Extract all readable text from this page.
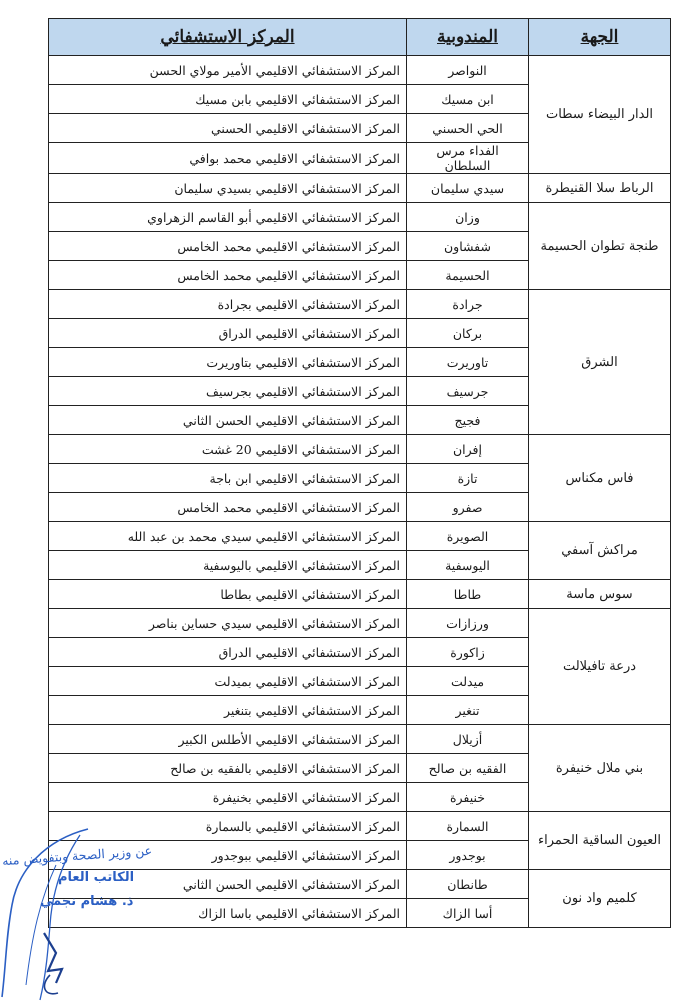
الجهة	المندوبية	المركز الاستشفائي
الدار البيضاء سطات	النواصر	المركز الاستشفائي الاقليمي الأمير مولاي الحسن
	ابن مسيك	المركز الاستشفائي الاقليمي بابن مسيك
	الحي الحسني	المركز الاستشفائي الاقليمي الحسني
	الفداء مرس السلطان	المركز الاستشفائي الاقليمي محمد بوافي
الرباط سلا القنيطرة	سيدي سليمان	المركز الاستشفائي الاقليمي بسيدي سليمان
طنجة تطوان الحسيمة	وزان	المركز الاستشفائي الاقليمي أبو القاسم الزهراوي
	شفشاون	المركز الاستشفائي الاقليمي محمد الخامس
	الحسيمة	المركز الاستشفائي الاقليمي محمد الخامس
الشرق	جرادة	المركز الاستشفائي الاقليمي بجرادة
	بركان	المركز الاستشفائي الاقليمي الدراق
	تاوريرت	المركز الاستشفائي الاقليمي بتاوريرت
	جرسيف	المركز الاستشفائي الاقليمي بجرسيف
	فجيج	المركز الاستشفائي الاقليمي الحسن الثاني
فاس مكناس	إفران	المركز الاستشفائي الاقليمي 20 غشت
	تازة	المركز الاستشفائي الاقليمي ابن باجة
	صفرو	المركز الاستشفائي الاقليمي محمد الخامس
مراكش آسفي	الصويرة	المركز الاستشفائي الاقليمي سيدي محمد بن عبد الله
	اليوسفية	المركز الاستشفائي الاقليمي باليوسفية
سوس ماسة	طاطا	المركز الاستشفائي الاقليمي بطاطا
درعة تافيلالت	ورزازات	المركز الاستشفائي الاقليمي سيدي حساين بناصر
	زاكورة	المركز الاستشفائي الاقليمي الدراق
	ميدلت	المركز الاستشفائي الاقليمي بميدلت
	تنغير	المركز الاستشفائي الاقليمي بتنغير
بني ملال خنيفرة	أزيلال	المركز الاستشفائي الاقليمي الأطلس الكبير
	الفقيه بن صالح	المركز الاستشفائي الاقليمي بالفقيه بن صالح
	خنيفرة	المركز الاستشفائي الاقليمي بخنيفرة
العيون الساقية الحمراء	السمارة	المركز الاستشفائي الاقليمي بالسمارة
	بوجدور	المركز الاستشفائي الاقليمي ببوجدور
كلميم واد نون	طانطان	المركز الاستشفائي الاقليمي الحسن الثاني
	أسا الزاك	المركز الاستشفائي الاقليمي باسا الزاك
عن وزير الصحة وبتفويض منه
الكاتب العام
ذ. هشام نجمي
